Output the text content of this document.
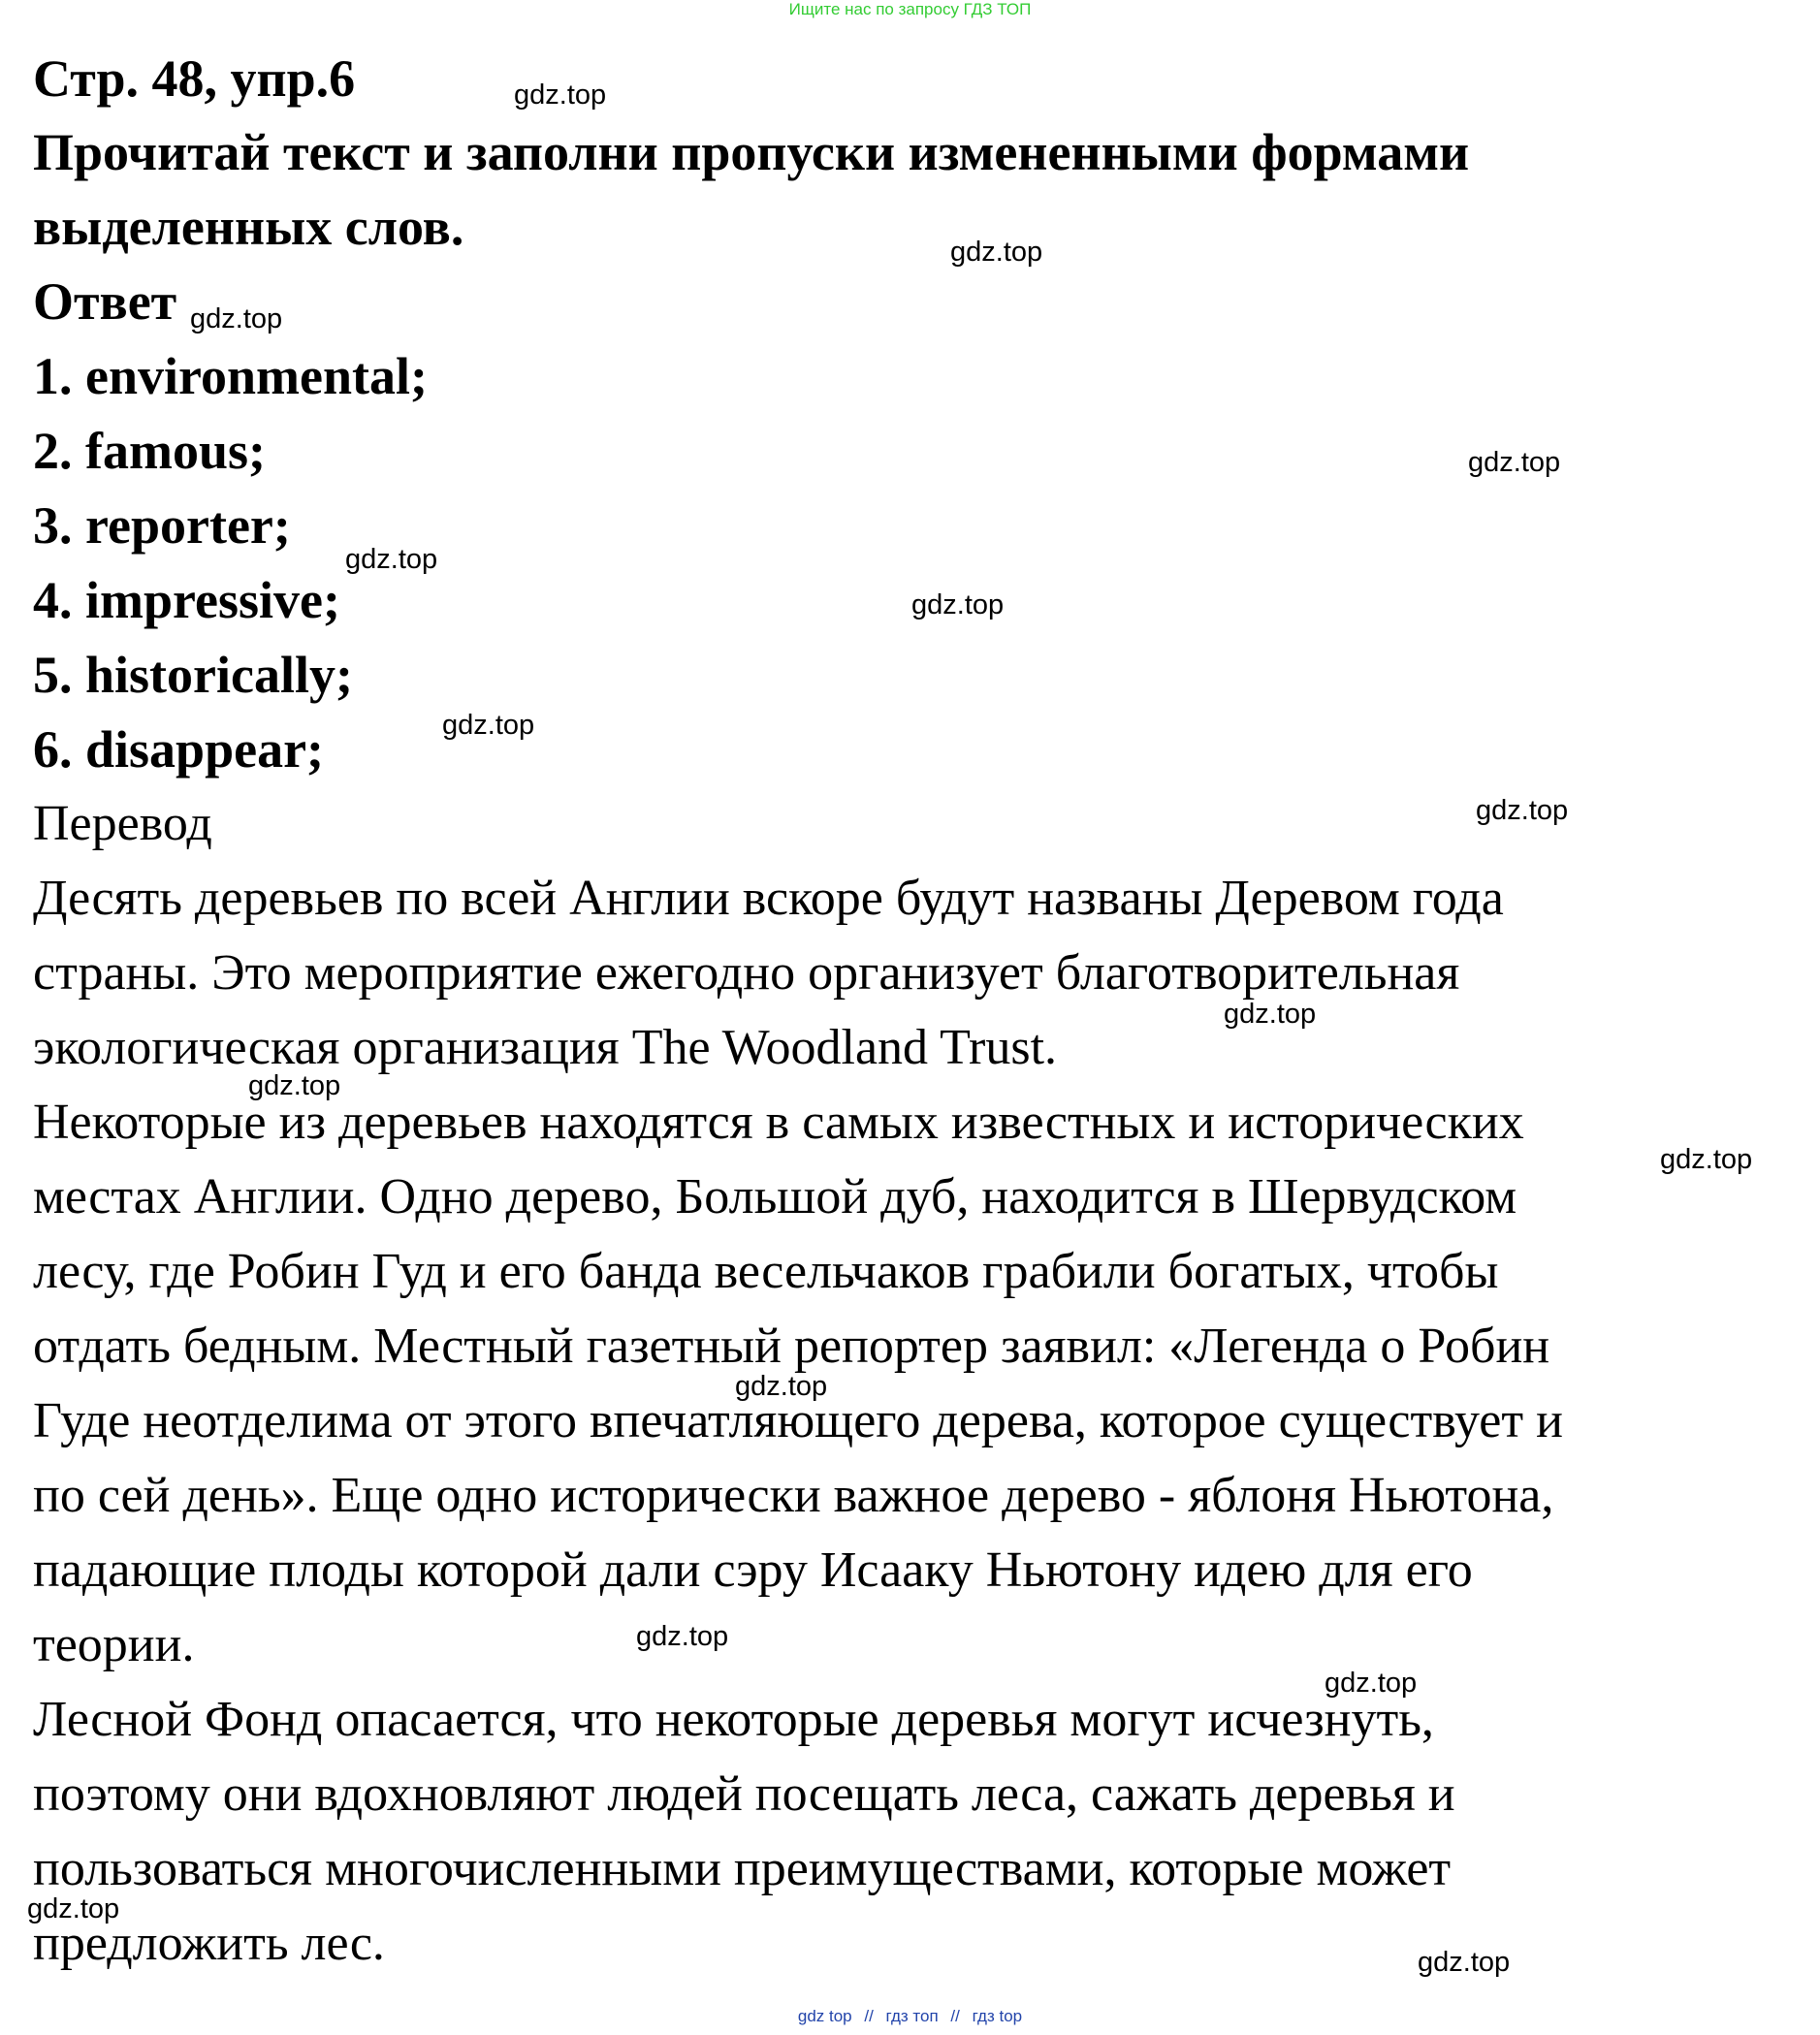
Ищите нас по запросу ГДЗ ТОП
Стр. 48, упр.6
Прочитай текст и заполни пропуски измененными формами
выделенных слов.
Ответ
1. environmental;
2. famous;
3. reporter;
4. impressive;
5. historically;
6. disappear;
Перевод
Десять деревьев по всей Англии вскоре будут названы Деревом года
страны. Это мероприятие ежегодно организует благотворительная
экологическая организация The Woodland Trust.
Некоторые из деревьев находятся в самых известных и исторических
местах Англии. Одно дерево, Большой дуб, находится в Шервудском
лесу, где Робин Гуд и его банда весельчаков грабили богатых, чтобы
отдать бедным. Местный газетный репортер заявил: «Легенда о Робин
Гуде неотделима от этого впечатляющего дерева, которое существует и
по сей день». Еще одно исторически важное дерево - яблоня Ньютона,
падающие плоды которой дали сэру Исааку Ньютону идею для его
теории.
Лесной Фонд опасается, что некоторые деревья могут исчезнуть,
поэтому они вдохновляют людей посещать леса, сажать деревья и
пользоваться многочисленными преимуществами, которые может
предложить лес.
gdz.top
gdz.top
gdz.top
gdz.top
gdz.top
gdz.top
gdz.top
gdz.top
gdz.top
gdz.top
gdz.top
gdz.top
gdz.top
gdz.top
gdz.top
gdz.top
gdz top // гдз топ // гдз top
